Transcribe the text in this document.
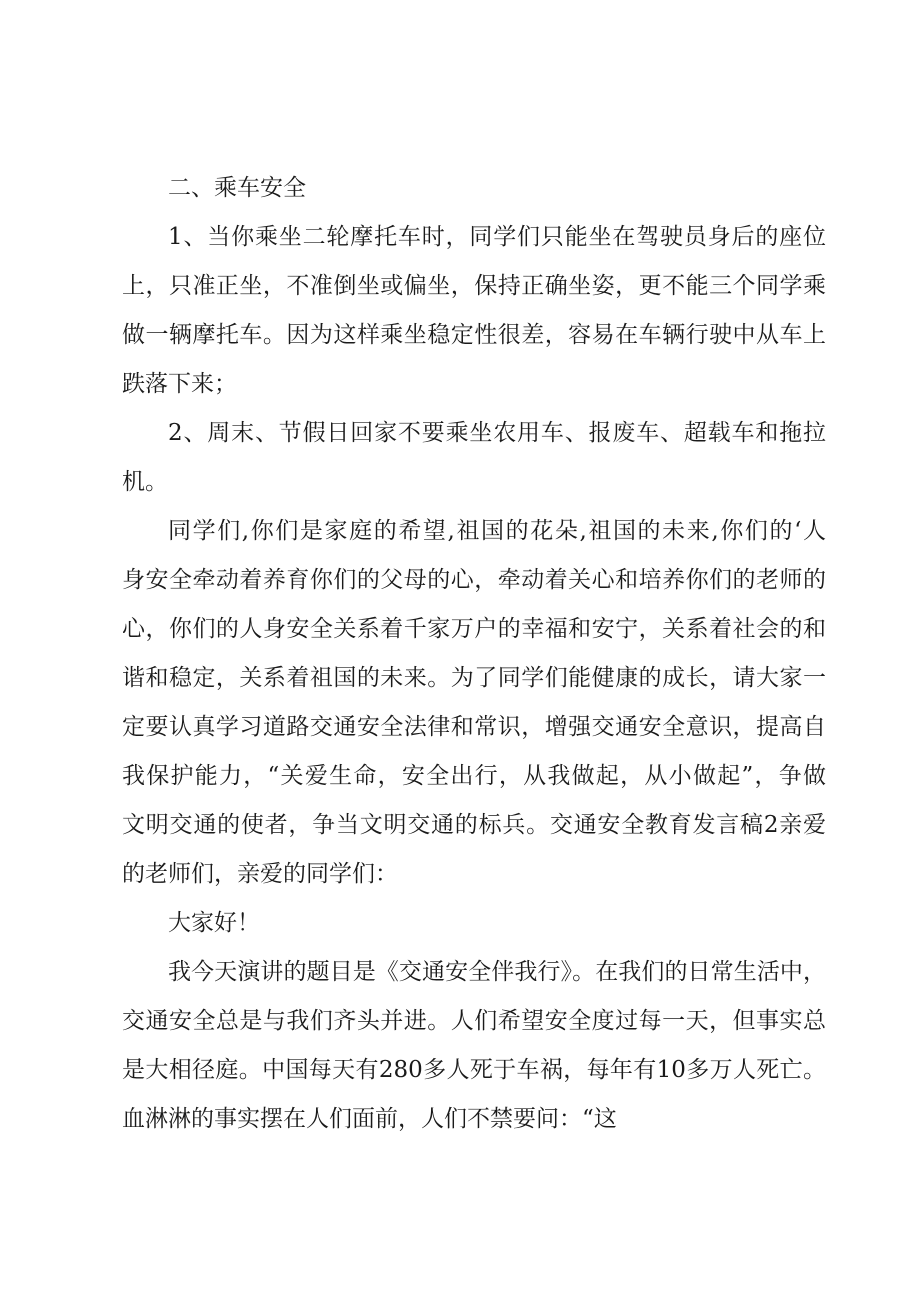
二、乘车安全
1、当你乘坐二轮摩托车时，同学们只能坐在驾驶员身后的座位
上，只准正坐，不准倒坐或偏坐，保持正确坐姿，更不能三个同学乘
做一辆摩托车。因为这样乘坐稳定性很差，容易在车辆行驶中从车上
跌落下来；
2、周末、节假日回家不要乘坐农用车、报废车、超载车和拖拉
机。
同学们,你们是家庭的希望,祖国的花朵,祖国的未来,你们的‘人
身安全牵动着养育你们的父母的心，牵动着关心和培养你们的老师的
心，你们的人身安全关系着千家万户的幸福和安宁，关系着社会的和
谐和稳定，关系着祖国的未来。为了同学们能健康的成长，请大家一
定要认真学习道路交通安全法律和常识，增强交通安全意识，提高自
我保护能力，“关爱生命，安全出行，从我做起，从小做起”，争做
文明交通的使者，争当文明交通的标兵。交通安全教育发言稿2亲爱
的老师们，亲爱的同学们：
大家好！
我今天演讲的题目是《交通安全伴我行》。在我们的日常生活中，
交通安全总是与我们齐头并进。人们希望安全度过每一天，但事实总
是大相径庭。中国每天有280多人死于车祸，每年有10多万人死亡。
血淋淋的事实摆在人们面前，人们不禁要问：“这
